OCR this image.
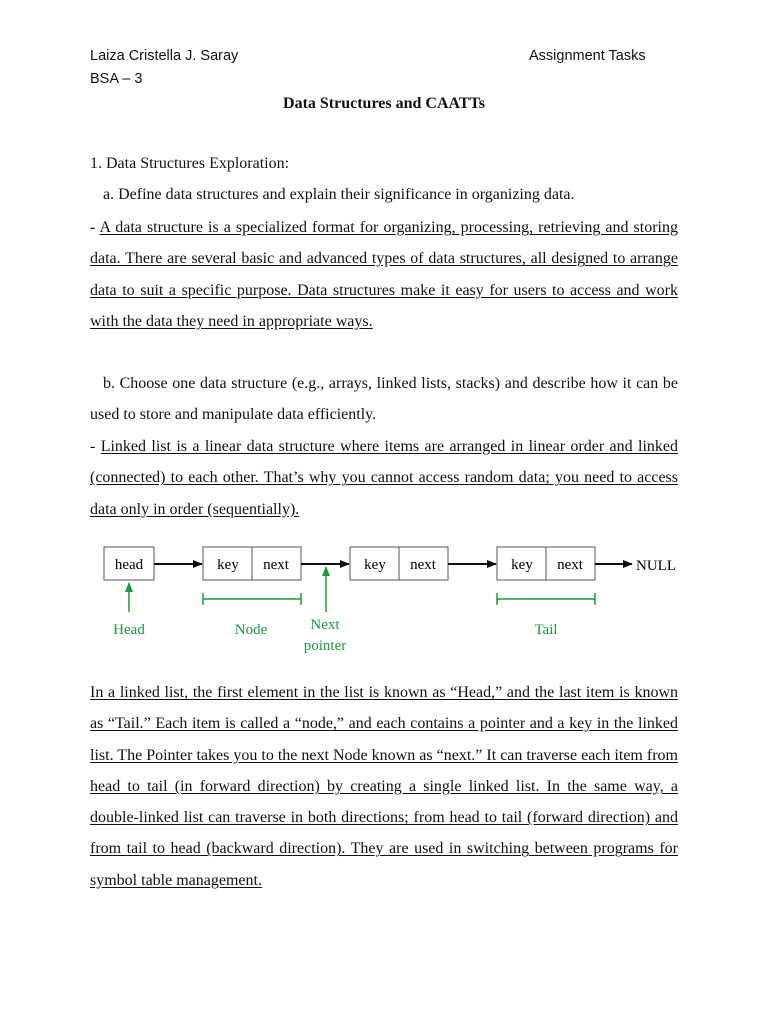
Laiza Cristella J. Saray

BSA – 3

Assignment Tasks

Data Structures and CAATTs

1. Data Structures Exploration:

a. Define data structures and explain their significance in organizing data.

- A data structure is a specialized format for organizing, processing, retrieving and storing data. There are several basic and advanced types of data structures, all designed to arrange data to suit a specific purpose. Data structures make it easy for users to access and work with the data they need in appropriate ways.

b. Choose one data structure (e.g., arrays, linked lists, stacks) and describe how it can be used to store and manipulate data efficiently.

- Linked list is a linear data structure where items are arranged in linear order and linked (connected) to each other. That’s why you cannot access random data; you need to access data only in order (sequentially).

head	key next	key next	key next	NULL
Head	Node	Next
pointer
Tail

In a linked list, the first element in the list is known as “Head,” and the last item is known as “Tail.” Each item is called a “node,” and each contains a pointer and a key in the linked list. The Pointer takes you to the next Node known as “next.” It can traverse each item from head to tail (in forward direction) by creating a single linked list. In the same way, a double-linked list can traverse in both directions; from head to tail (forward direction) and from tail to head (backward direction). They are used in switching between programs for symbol table management.
